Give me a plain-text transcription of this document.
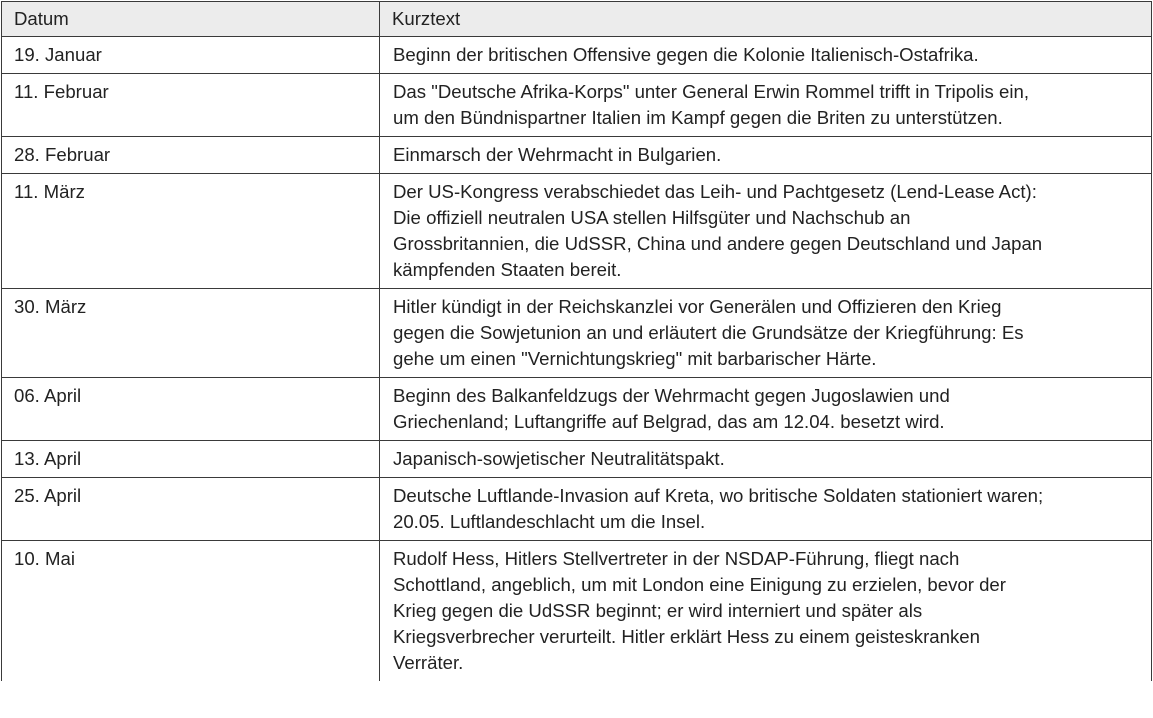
Datum	Kurztext
19. Januar	Beginn der britischen Offensive gegen die Kolonie Italienisch-Ostafrika.

11. Februar	Das "Deutsche Afrika-Korps" unter General Erwin Rommel trifft in Tripolis ein,
um den Bündnispartner Italien im Kampf gegen die Briten zu unterstützen.

28. Februar	Einmarsch der Wehrmacht in Bulgarien.

11. März	Der US-Kongress verabschiedet das Leih- und Pachtgesetz (Lend-Lease Act):
Die offiziell neutralen USA stellen Hilfsgüter und Nachschub an
Grossbritannien, die UdSSR, China und andere gegen Deutschland und Japan
kämpfenden Staaten bereit.

30. März	Hitler kündigt in der Reichskanzlei vor Generälen und Offizieren den Krieg
gegen die Sowjetunion an und erläutert die Grundsätze der Kriegführung: Es
gehe um einen "Vernichtungskrieg" mit barbarischer Härte.

06. April	Beginn des Balkanfeldzugs der Wehrmacht gegen Jugoslawien und
Griechenland; Luftangriffe auf Belgrad, das am 12.04. besetzt wird.

13. April	Japanisch-sowjetischer Neutralitätspakt.

25. April	Deutsche Luftlande-Invasion auf Kreta, wo britische Soldaten stationiert waren;
20.05. Luftlandeschlacht um die Insel.

10. Mai	Rudolf Hess, Hitlers Stellvertreter in der NSDAP-Führung, fliegt nach
Schottland, angeblich, um mit London eine Einigung zu erzielen, bevor der
Krieg gegen die UdSSR beginnt; er wird interniert und später als
Kriegsverbrecher verurteilt. Hitler erklärt Hess zu einem geisteskranken
Verräter.
